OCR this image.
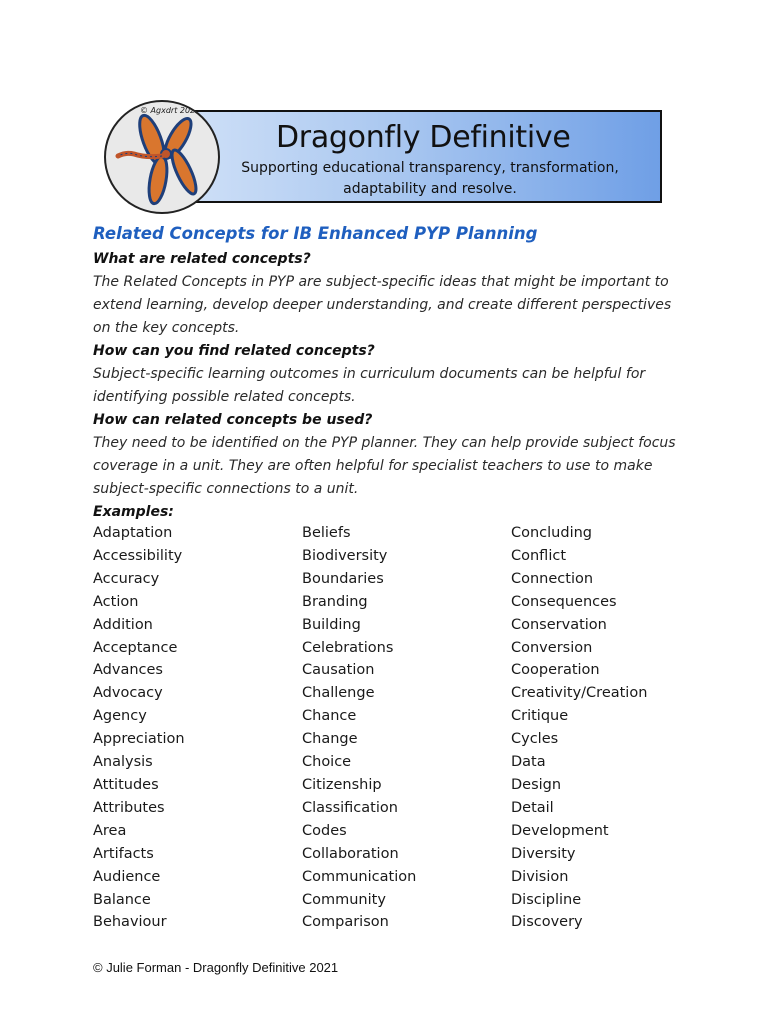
Dragonfly Definitive
Supporting educational transparency, transformation,
adaptability and resolve.
© Agxdrt 2021
Related Concepts for IB Enhanced PYP Planning
What are related concepts?
The Related Concepts in PYP are subject-specific ideas that might be important to extend learning, develop deeper understanding, and create different perspectives on the key concepts.
How can you find related concepts?
Subject-specific learning outcomes in curriculum documents can be helpful for identifying possible related concepts.
How can related concepts be used?
They need to be identified on the PYP planner. They can help provide subject focus coverage in a unit. They are often helpful for specialist teachers to use to make subject-specific connections to a unit.
Examples:
Adaptation
Accessibility
Accuracy
Action
Addition
Acceptance
Advances
Advocacy
Agency
Appreciation
Analysis
Attitudes
Attributes
Area
Artifacts
Audience
Balance
Behaviour
Beliefs
Biodiversity
Boundaries
Branding
Building
Celebrations
Causation
Challenge
Chance
Change
Choice
Citizenship
Classification
Codes
Collaboration
Communication
Community
Comparison
Concluding
Conflict
Connection
Consequences
Conservation
Conversion
Cooperation
Creativity/Creation
Critique
Cycles
Data
Design
Detail
Development
Diversity
Division
Discipline
Discovery
© Julie Forman - Dragonfly Definitive 2021
